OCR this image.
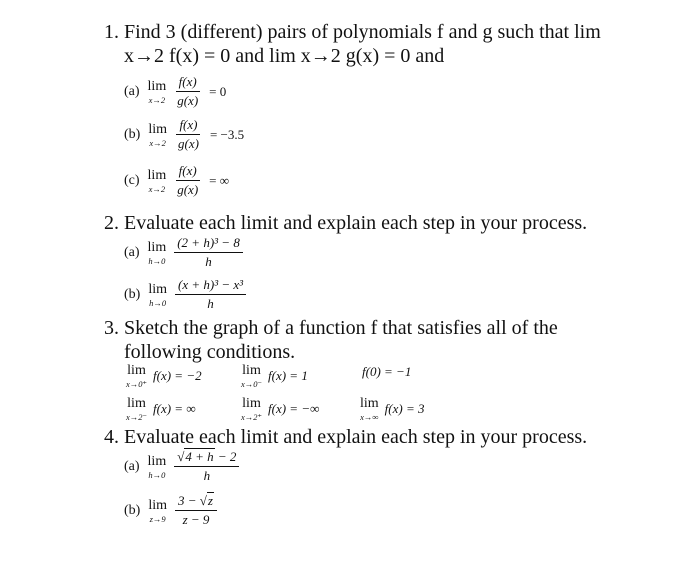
1. Find 3 (different) pairs of polynomials f and g such that lim
x→2 f(x) = 0 and lim x→2 g(x) = 0 and
(a) lim
$x\to 2 \frac{f(x)}{g(x)} = 0$
(b) lim
$x\to 2 \frac{f(x)}{g(x)} = -3.5$
(c) lim
$x\to 2 \frac{f(x)}{g(x)}$ = ∞
2. Evaluate each limit and explain each step in your process.
(a) lim
$h\to 0 \frac{\text{(2 + h)³ − 8}}{h}$
(b) lim
$h\to 0 \frac{\text{(x + h)³ − x³}}{h}$
3. Sketch the graph of a function f that satisfies all of the
following conditions.
lim
x→0⁺
f(x) = −2	lim
x→0⁻
f(x) = 1	f(0) = −1
lim
x→2⁻
f(x) = ∞	lim
x→2⁺
f(x) = −∞	lim
x→∞
f(x) = 3
4. Evaluate each limit and explain each step in your process.
(a) lim
$h\to 0 \frac{√4 + h - 2}{h}$
(b) lim
$z\to 9 \frac{3 - √z}{z - 9}$
